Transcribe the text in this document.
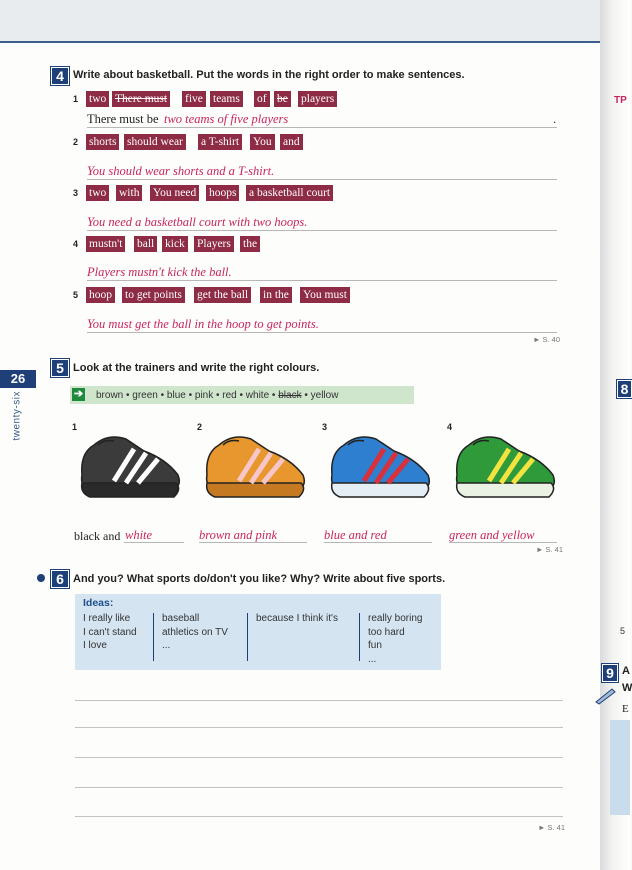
26
twenty-six
4 Write about basketball. Put the words in the right order to make sentences.
1 two There must five teams of be players
There must be two teams of five players	.
2 shorts should wear a T-shirt You and
You should wear shorts and a T-shirt.
3 two with You need hoops a basketball court
You need a basketball court with two hoops.
4 mustn't ball kick Players the
Players mustn't kick the ball.
5 hoop to get points get the ball in the You must
You must get the ball in the hoop to get points.
► S. 40
5 Look at the trainers and write the right colours.
➔ brown • green • blue • pink • red • white • black • yellow
1
black and white
2
brown and pink
3
blue and red
4
green and yellow
► S. 41
6 And you? What sports do/don't you like? Why? Write about five sports.
Ideas:
I really like
I can't stand
I love
baseball
athletics on TV
...
because I think it's	really boring
too hard
fun
...
► S. 41
TP
8
5
9 A
W
E
